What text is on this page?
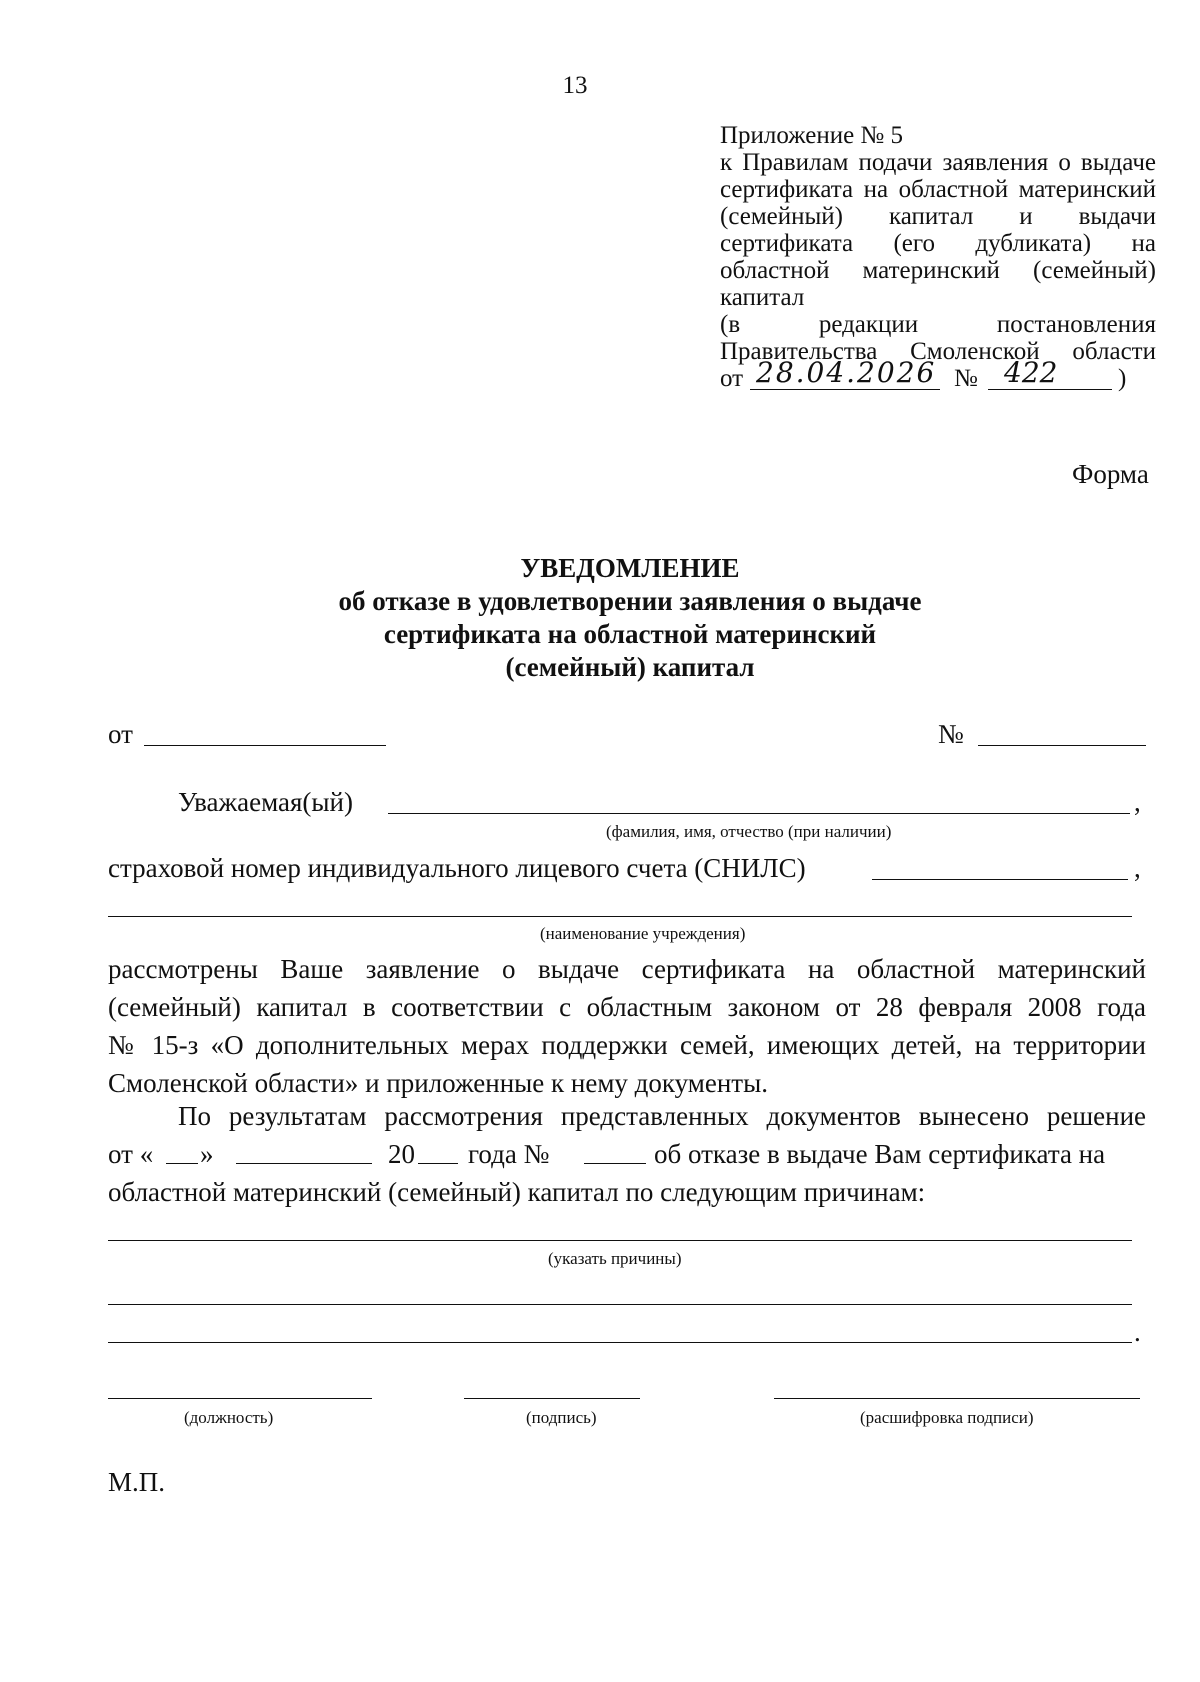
13
Приложение № 5
к Правилам подачи заявления о выдаче
сертификата на областной материнский
(семейный) капитал и выдачи
сертификата (его дубликата) на
областной материнский (семейный)
капитал
(в редакции постановления
Правительства Смоленской области
от 28.04.2026 № 422 )
Форма
УВЕДОМЛЕНИЕ
об отказе в удовлетворении заявления о выдаче
сертификата на областной материнский
(семейный) капитал
от	№
Уважаемая(ый)	,
(фамилия, имя, отчество (при наличии)
страховой номер индивидуального лицевого счета (СНИЛС)	,
(наименование учреждения)
рассмотрены Ваше заявление о выдаче сертификата на областной материнский
(семейный) капитал в соответствии с областным законом от 28 февраля 2008 года
№ 15-з «О дополнительных мерах поддержки семей, имеющих детей, на территории
Смоленской области» и приложенные к нему документы.
По результатам рассмотрения представленных документов вынесено решение
от « »	20 года №	об отказе в выдаче Вам сертификата на
областной материнский (семейный) капитал по следующим причинам:
(указать причины)
.
(должность)	(подпись)	(расшифровка подписи)
М.П.
